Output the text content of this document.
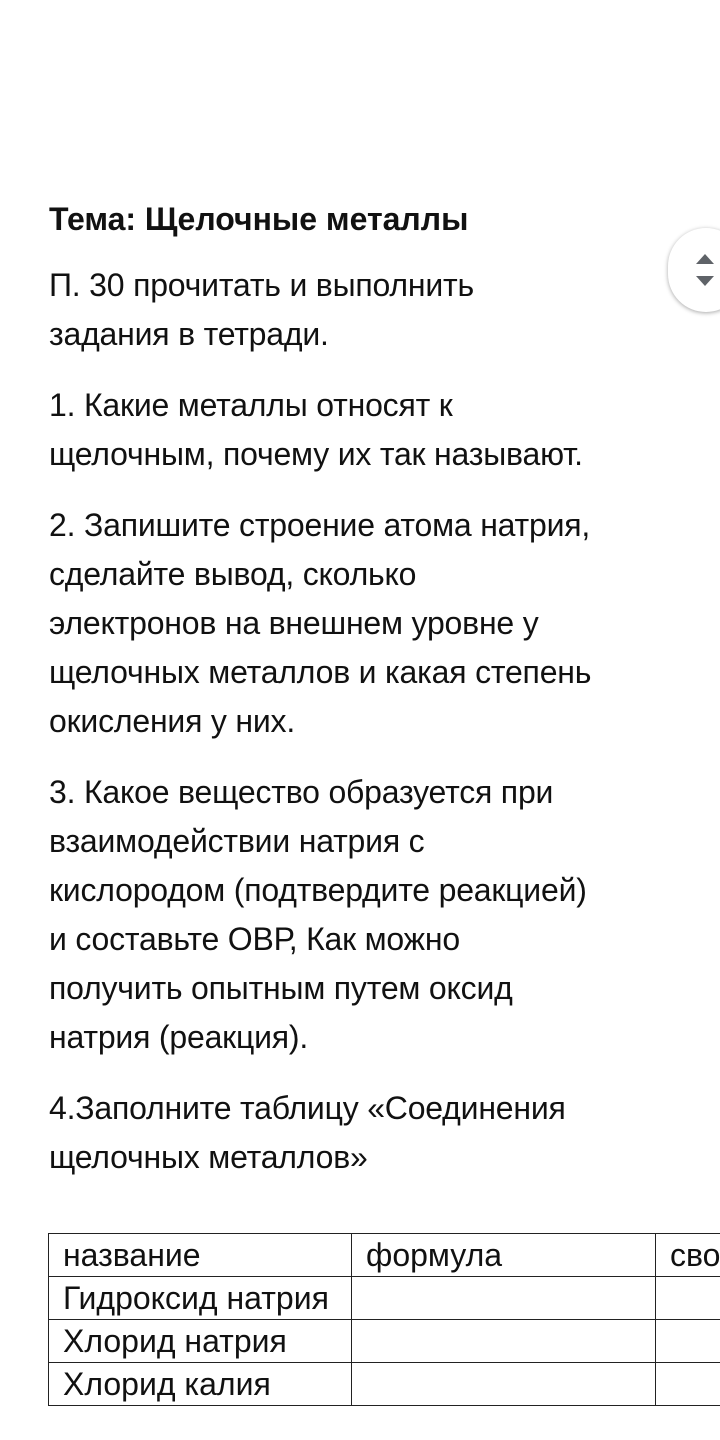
Тема: Щелочные металлы
П. 30 прочитать и выполнить
задания в тетради.
1. Какие металлы относят к
щелочным, почему их так называют.
2. Запишите строение атома натрия,
сделайте вывод, сколько
электронов на внешнем уровне у
щелочных металлов и какая степень
окисления у них.
3. Какое вещество образуется при
взаимодействии натрия с
кислородом (подтвердите реакцией)
и составьте ОВР, Как можно
получить опытным путем оксид
натрия (реакция).
4.Заполните таблицу «Соединения
щелочных металлов»
название	формула	сво
Гидроксид натрия		
Хлорид натрия		
Хлорид калия		
